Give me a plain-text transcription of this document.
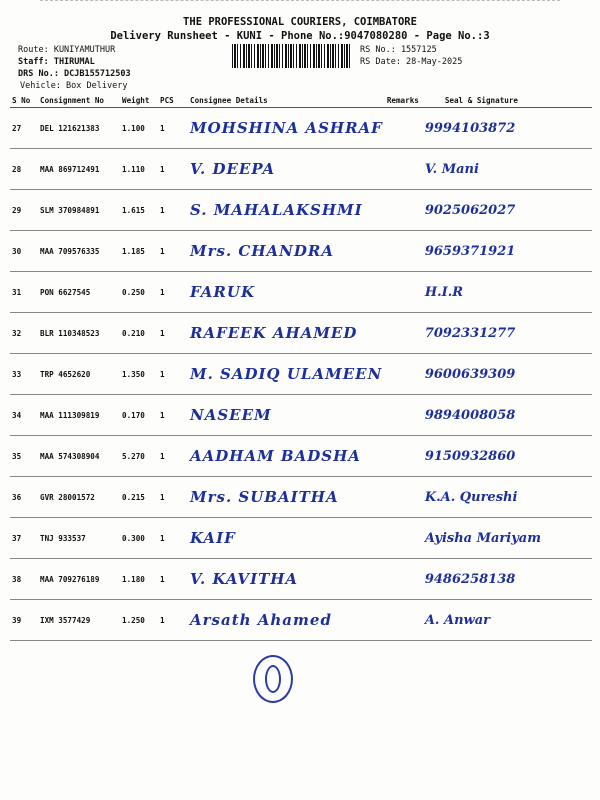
THE PROFESSIONAL COURIERS, COIMBATORE
Delivery Runsheet - KUNI - Phone No.:9047080280 - Page No.:3
Route: KUNIYAMUTHUR
Staff: THIRUMAL
DRS No.: DCJB155712503
Vehicle: Box Delivery
RS No.: 1557125
RS Date: 28-May-2025
S No	Consignment No	Weight	PCS	Consignee Details	Remarks	Seal & Signature
27	DEL 121621383	1.100	1	MOHSHINA ASHRAF		9994103872
28	MAA 869712491	1.110	1	V. DEEPA		V. Mani
29	SLM 370984891	1.615	1	S. MAHALAKSHMI		9025062027
30	MAA 709576335	1.185	1	Mrs. CHANDRA		9659371921
31	PON 6627545	0.250	1	FARUK		H.I.R
32	BLR 110348523	0.210	1	RAFEEK AHAMED		7092331277
33	TRP 4652620	1.350	1	M. SADIQ ULAMEEN		9600639309
34	MAA 111309819	0.170	1	NASEEM		9894008058
35	MAA 574308904	5.270	1	AADHAM BADSHA		9150932860
36	GVR 28001572	0.215	1	Mrs. SUBAITHA		K.A. Qureshi
37	TNJ 933537	0.300	1	KAIF		Ayisha Mariyam
38	MAA 709276189	1.180	1	V. KAVITHA		9486258138
39	IXM 3577429	1.250	1	Arsath Ahamed		A. Anwar
